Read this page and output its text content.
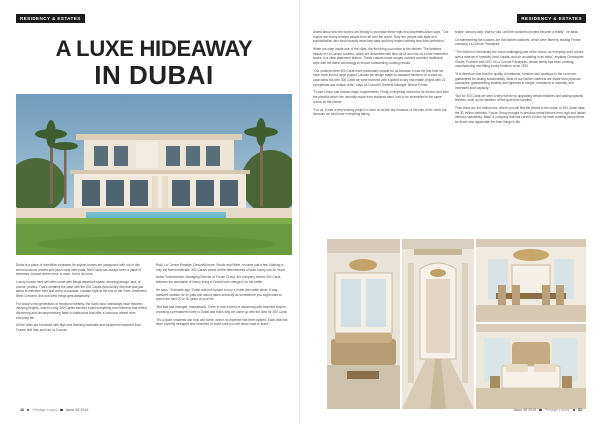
RESIDENCY & ESTATES
A LUXE HIDEAWAY
IN DUBAI

Dubai is a place of incredible contrasts. Its skyline homes are juxtaposed with out of this world luxurious resorts and plush crew view pads. Nell Dubai has always been a place of extremes. A place where more is more. And a lot more.

Luxury homes here will often come with things abundant space, stunning design, and, of course, privacy. That's certainly the case with the 300 Carats Bois-luxury villa that was just about to welcome their first worry occupants. Located right at the end of the Palm Jumeirah's West Crescent, this soft-view things gets attractively.

For today's new generation of newfound wealthy, the Earth-hour hideaways have reached dizzying heights, which is why 300 Carats interiors boast everything from kitchens that reflect discerning and uncompromising taste to bathrooms that offer a luxurious retreat from everyday life.

All the villas are furnished with high-end finishing materials and equipment imported from France and Italy such as La Cornue,

Bold, La Cornue Prestige, Devonhill more, Studio and Miele, to name just a few. Nothing is only the finest materials, 300 Carats where all the determinants of slum luxury can be found.

Anton Yuchshevsev, Managing Director of Forum Group, the company behind 300 Carat, believes the standards of luxury living in Dubai have changed, for the better.

He says, "A decade ago, Dubai was not a place to buy a home and settle down. It was transient location for ex-pats and wasn't taken seriously as somewhere you might want to spend the next 20 to 30 years of your life.

"But that has changed, dramatically. There is now a trend of discerning well-travelled buyers choosing a permanent home in Dubai and that's why we came up with the idea for 300 Carat.

"It's a place residents can truly call home, where no expense has been spared. Each villa has been expertly designed and furnished to make sure you will never want to leave."

16 Prestige Luxury Issue 38 2019
RESIDENCY & ESTATES

Asked about who the buyers are belong to purchase these high-end properties Anton says, "Our buyers are luxury-minded people from all over the world. They are people with style and sophistication who know exactly what they want and they expect nothing less than perfection."

When you step inside one of the villas, the first thing you notice is the kitchen. The timeless beauty of La Cornue cookers, which are decorated with fleur de lis and one-of-a-kind enamelled knobs, is a clear statement feature. These custom-made ranges cookers combine traditional style with the latest technology to ensure outstanding cooking results.

"Our cookers meet 300 Carat more particularly unique for us because it was the first time we have done such a large project. Usually we design made-to-measure kitchens on a case-by-case basis but with 300 Carat we were involved with a global luxury real estate project with 22 exceptional and unique units", says La Cornue's General Manager, Benoit Forner.

"Forum Group has chosen major requirements. Firstly, everything needed to be electric and then the plentiful which are normally made from stainless steel, had to be enamelled in the same colour as the cooker.

"For us, it was a very exciting project to work on as the sky because of the size of the order but because we could see everything taking

shape, step-by-step, villa by villa, until the wonderful project became a reality", he adds.

Complementing the cookers are the kitchen cabinets, which were fitted by leading French company La Cornue Pavalyees.

"The kitchen is technically the most challenging part of the house, as everyday work comes with a mixture of humidity, heat, liquids, and air circulating in an ideal," explains Christopher Goulet, Founder and CEO of La Cornue Pavalyees, whose family has been creating, manufacturing and fitting luxury furniture since 1921.

"It is therefore vital that the quality of materials, furniture and worktops in the room are guaranteed for lasting sustainability. Most of our kitchen cabinets are made from plywood carcasses, guaranteeing stability and lightness in weight, resistance to humidity, and increased load capacity."

"But for 300 Carat we went a step further by upgrading certain features and adding specific finishes, such as the addition of fine gold tone handles."

Then there are the bathrooms, where you will find the jewels in the crown of 300 Carat villas, the $1 million bathtubs. Forum Group brought in precious metal fixtures from high-end Italian interiors specialists, Baldi, a company that has carved a niche for itself creating luxury items for those who appreciate the finer things in life.

Issue 38 2019 Prestige Luxury 31
